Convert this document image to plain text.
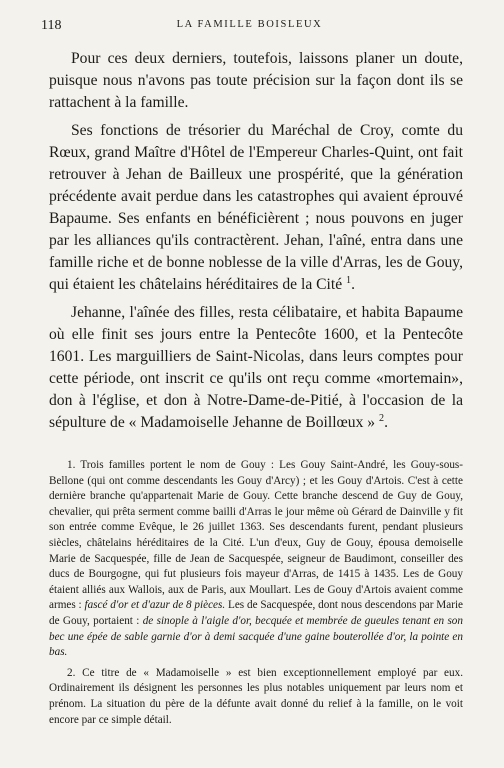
118	LA FAMILLE BOISLEUX

Pour ces deux derniers, toutefois, laissons planer un doute, puisque nous n'avons pas toute précision sur la façon dont ils se rattachent à la famille.

Ses fonctions de trésorier du Maréchal de Croy, comte du Rœux, grand Maître d'Hôtel de l'Empereur Charles-Quint, ont fait retrouver à Jehan de Bailleux une prospérité, que la génération précédente avait perdue dans les catastrophes qui avaient éprouvé Bapaume. Ses enfants en bénéficièrent ; nous pouvons en juger par les alliances qu'ils contractèrent. Jehan, l'aîné, entra dans une famille riche et de bonne noblesse de la ville d'Arras, les de Gouy, qui étaient les châtelains héréditaires de la Cité $^1$.

Jehanne, l'aînée des filles, resta célibataire, et habita Bapaume où elle finit ses jours entre la Pentecôte 1600, et la Pentecôte 1601. Les marguilliers de Saint-Nicolas, dans leurs comptes pour cette période, ont inscrit ce qu'ils ont reçu comme «mortemain», don à l'église, et don à Notre-Dame-de-Pitié, à l'occasion de la sépulture de « Madamoiselle Jehanne de Boillœux » $^2$.

1. Trois familles portent le nom de Gouy : Les Gouy Saint-André, les Gouy-sous-Bellone (qui ont comme descendants les Gouy d'Arcy) ; et les Gouy d'Artois. C'est à cette dernière branche qu'appartenait Marie de Gouy. Cette branche descend de Guy de Gouy, chevalier, qui prêta serment comme bailli d'Arras le jour même où Gérard de Dainville y fit son entrée comme Evêque, le 26 juillet 1363. Ses descendants furent, pendant plusieurs siècles, châtelains héréditaires de la Cité. L'un d'eux, Guy de Gouy, épousa demoiselle Marie de Sacquespée, fille de Jean de Sacquespée, seigneur de Baudimont, conseiller des ducs de Bourgogne, qui fut plusieurs fois mayeur d'Arras, de 1415 à 1435. Les de Gouy étaient alliés aux Wallois, aux de Paris, aux Moullart. Les de Gouy d'Artois avaient comme armes : fascé d'or et d'azur de 8 pièces. Les de Sacquespée, dont nous descendons par Marie de Gouy, portaient : de sinople à l'aigle d'or, becquée et membrée de gueules tenant en son bec une épée de sable garnie d'or à demi sacquée d'une gaine bouterollée d'or, la pointe en bas.

2. Ce titre de « Madamoiselle » est bien exceptionnellement employé par eux. Ordinairement ils désignent les personnes les plus notables uniquement par leurs nom et prénom. La situation du père de la défunte avait donné du relief à la famille, on le voit encore par ce simple détail.
